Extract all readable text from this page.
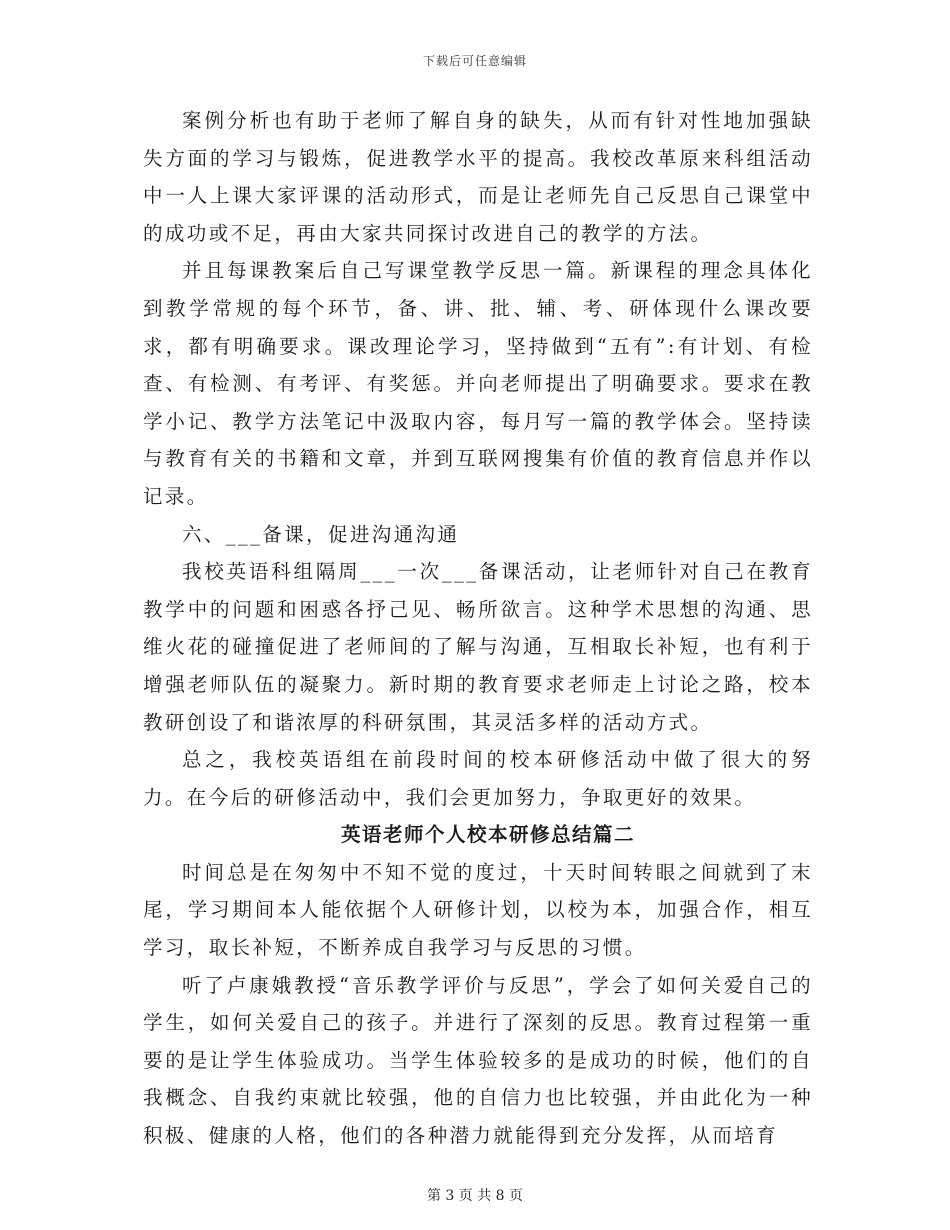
下载后可任意编辑

案例分析也有助于老师了解自身的缺失，从而有针对性地加强缺失方面的学习与锻炼，促进教学水平的提高。我校改革原来科组活动中一人上课大家评课的活动形式，而是让老师先自己反思自己课堂中的成功或不足，再由大家共同探讨改进自己的教学的方法。

并且每课教案后自己写课堂教学反思一篇。新课程的理念具体化到教学常规的每个环节，备、讲、批、辅、考、研体现什么课改要求，都有明确要求。课改理论学习，坚持做到“五有”:有计划、有检查、有检测、有考评、有奖惩。并向老师提出了明确要求。要求在教学小记、教学方法笔记中汲取内容，每月写一篇的教学体会。坚持读与教育有关的书籍和文章，并到互联网搜集有价值的教育信息并作以记录。

六、___备课，促进沟通沟通

我校英语科组隔周___一次___备课活动，让老师针对自己在教育教学中的问题和困惑各抒己见、畅所欲言。这种学术思想的沟通、思维火花的碰撞促进了老师间的了解与沟通，互相取长补短，也有利于增强老师队伍的凝聚力。新时期的教育要求老师走上讨论之路，校本教研创设了和谐浓厚的科研氛围，其灵活多样的活动方式。

总之，我校英语组在前段时间的校本研修活动中做了很大的努力。在今后的研修活动中，我们会更加努力，争取更好的效果。

英语老师个人校本研修总结篇二

时间总是在匆匆中不知不觉的度过，十天时间转眼之间就到了末尾，学习期间本人能依据个人研修计划，以校为本，加强合作，相互学习，取长补短，不断养成自我学习与反思的习惯。

听了卢康娥教授“音乐教学评价与反思”，学会了如何关爱自己的学生，如何关爱自己的孩子。并进行了深刻的反思。教育过程第一重要的是让学生体验成功。当学生体验较多的是成功的时候，他们的自我概念、自我约束就比较强，他的自信力也比较强，并由此化为一种积极、健康的人格，他们的各种潜力就能得到充分发挥，从而培育

第 3 页 共 8 页
